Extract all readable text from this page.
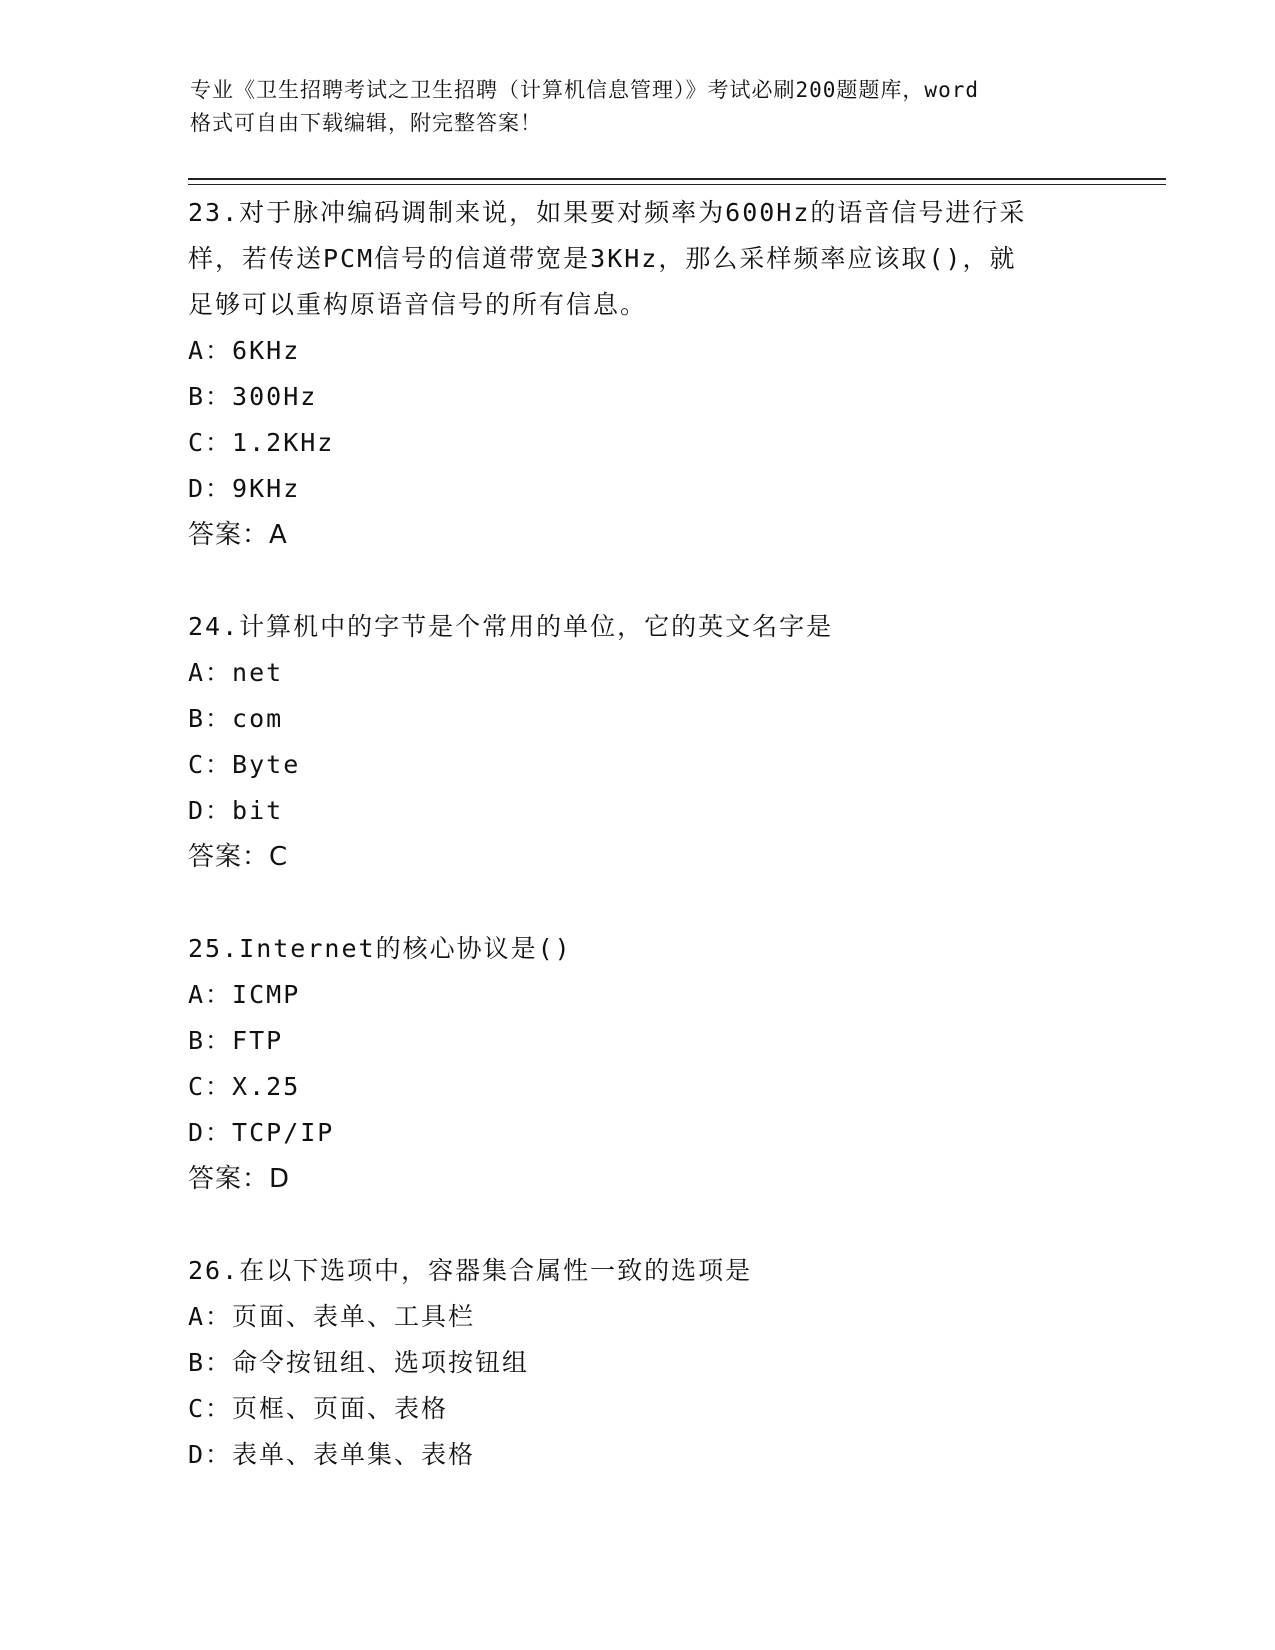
专业《卫生招聘考试之卫生招聘（计算机信息管理）》考试必刷200题题库，word
格式可自由下载编辑，附完整答案！

23.对于脉冲编码调制来说，如果要对频率为600Hz的语音信号进行采

样，若传送PCM信号的信道带宽是3KHz，那么采样频率应该取()，就

足够可以重构原语音信号的所有信息。

A：6KHz

B：300Hz

C：1.2KHz

D：9KHz

答案：A

24.计算机中的字节是个常用的单位，它的英文名字是

A：net

B：com

C：Byte

D：bit

答案：C

25.Internet的核心协议是()

A：ICMP

B：FTP

C：X.25

D：TCP/IP

答案：D

26.在以下选项中，容器集合属性一致的选项是

A：页面、表单、工具栏

B：命令按钮组、选项按钮组

C：页框、页面、表格

D：表单、表单集、表格
